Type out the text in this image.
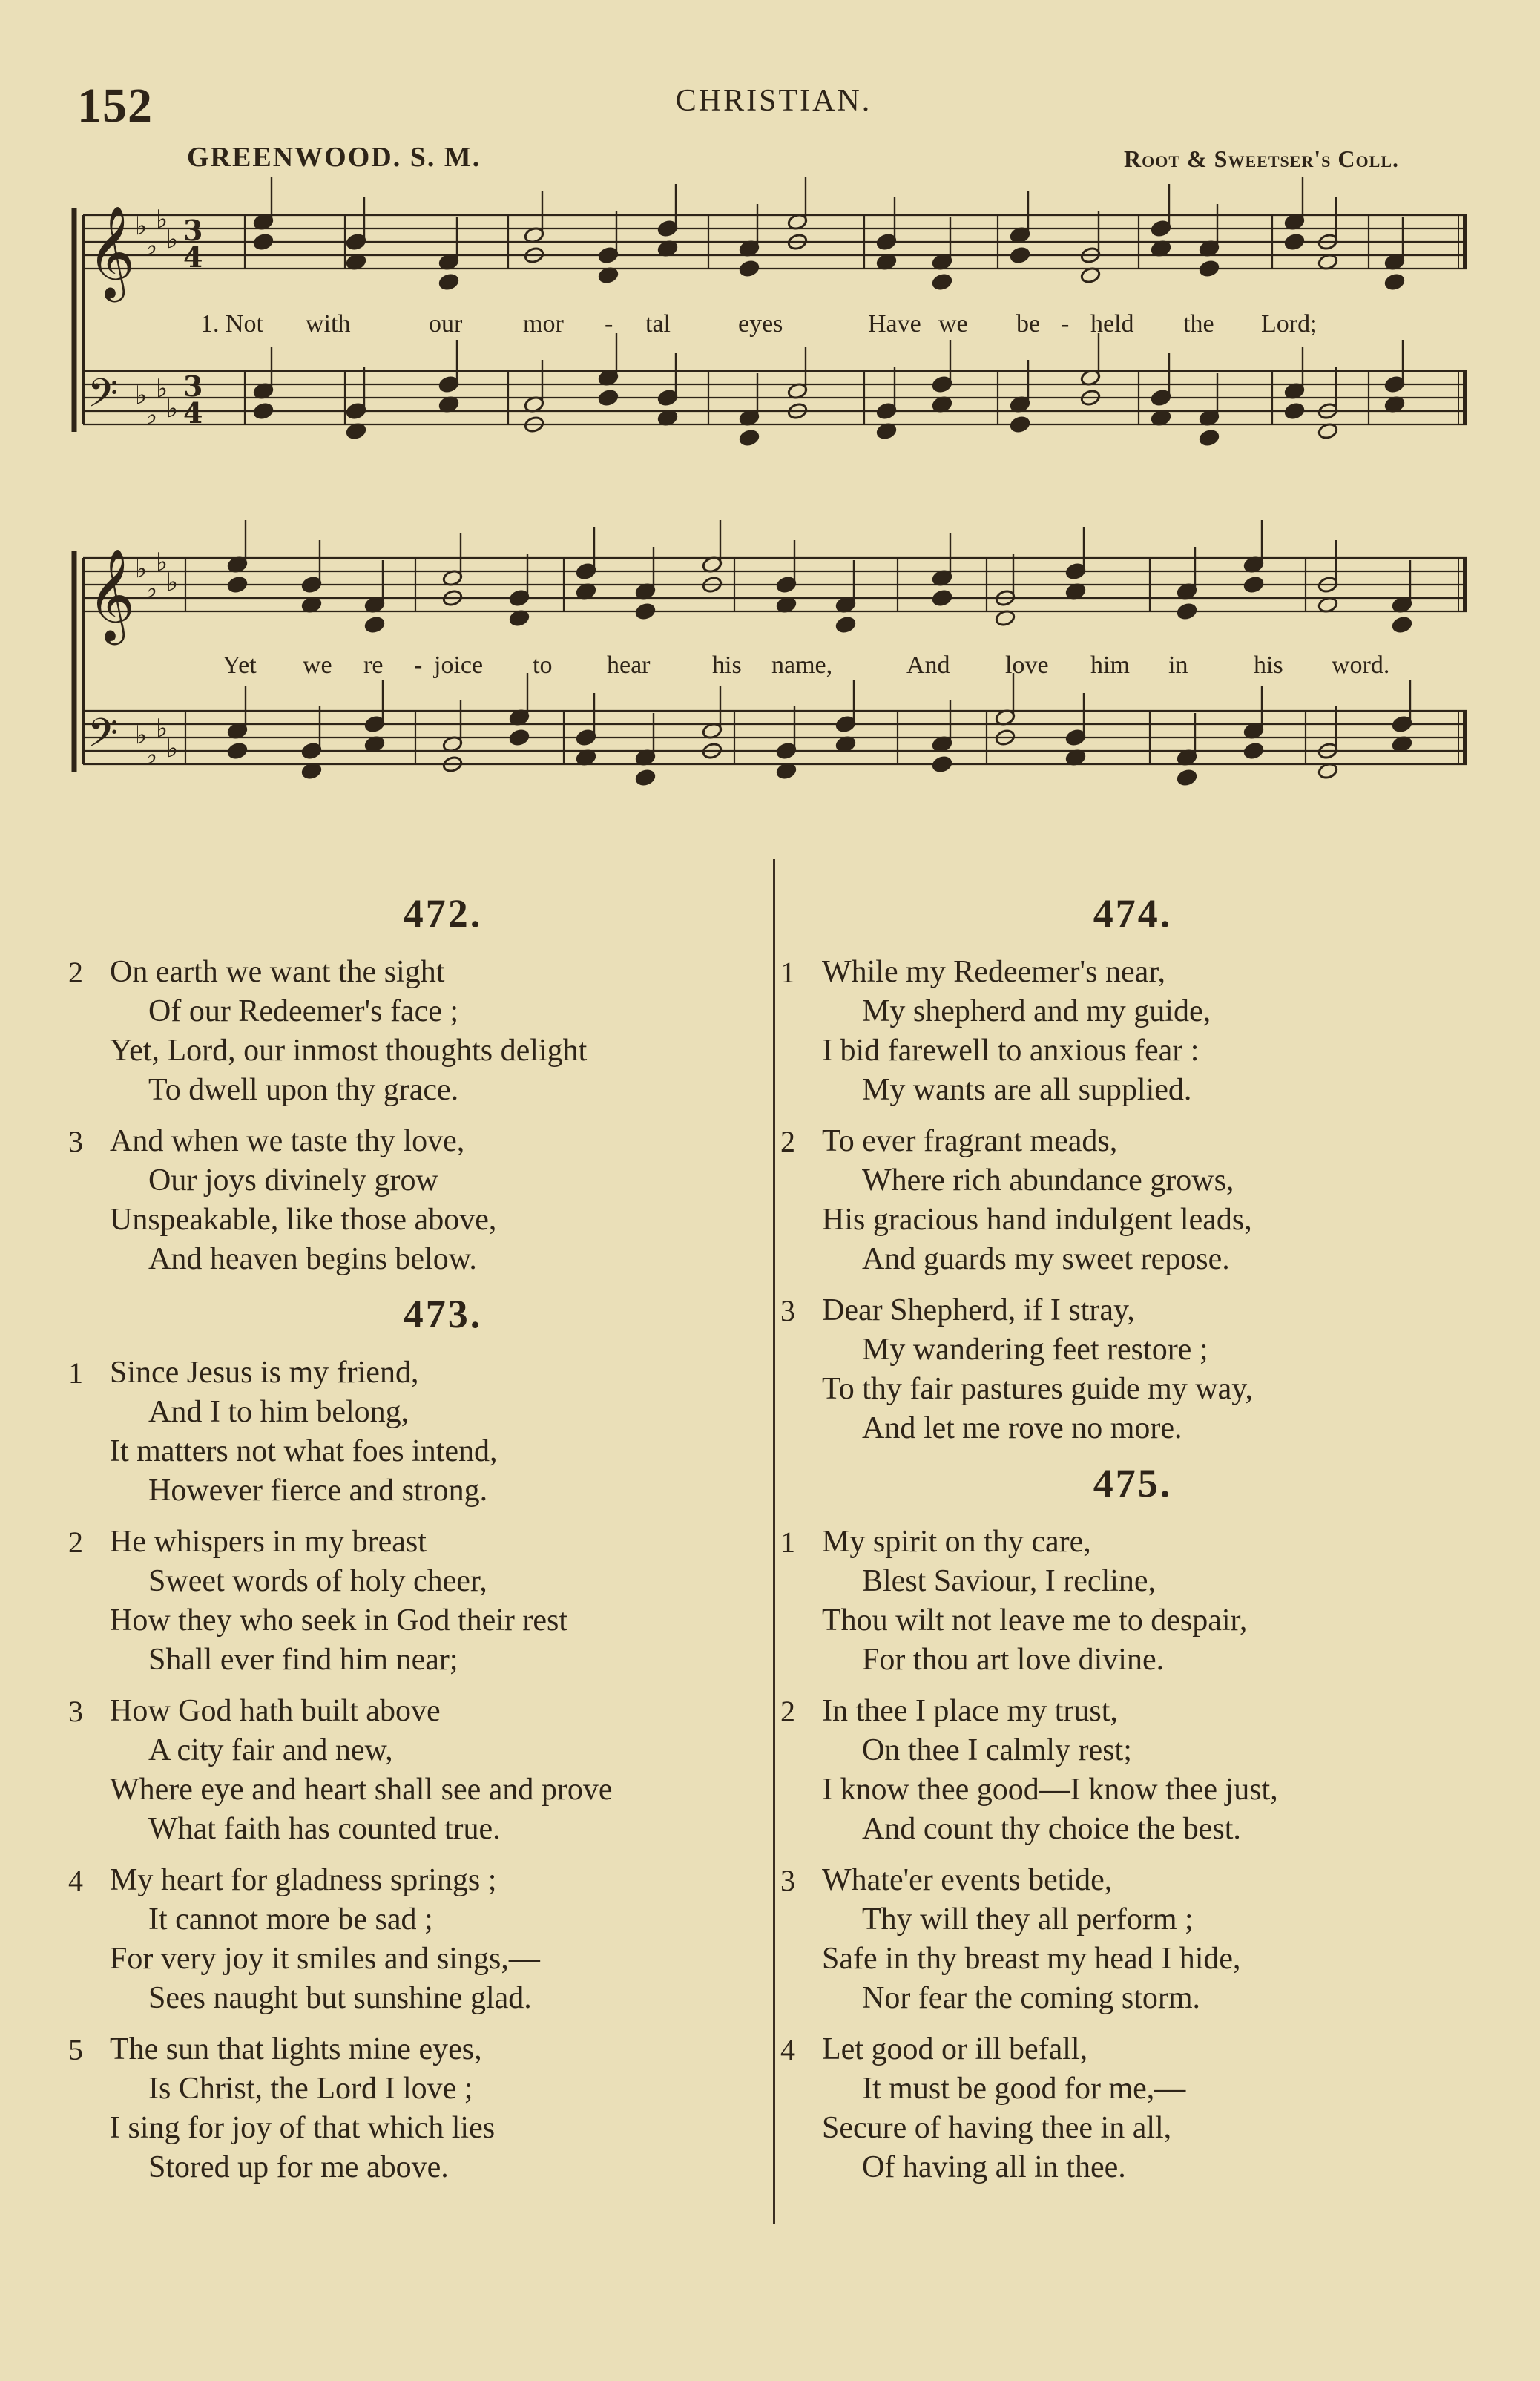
152	CHRISTIAN.
GREENWOOD. S. M.	Root & Sweetser's Coll.
𝄞 ♭
♭
♭
♭ 3
4
𝄢 ♭
♭
♭
♭
3
4
𝄞 ♭
♭
♭
♭
𝄢 ♭
♭
♭
♭
1. Not with	our mor - tal	eyes	Have we be - held the Lord;
Yet we re - joice to hear his name,	And love him in	his word.
472.
2 On earth we want the sight
Of our Redeemer's face ;
Yet, Lord, our inmost thoughts delight
To dwell upon thy grace.
3 And when we taste thy love,
Our joys divinely grow
Unspeakable, like those above,
And heaven begins below.
473.
1 Since Jesus is my friend,
And I to him belong,
It matters not what foes intend,
However fierce and strong.
2 He whispers in my breast
Sweet words of holy cheer,
How they who seek in God their rest
Shall ever find him near;
3 How God hath built above
A city fair and new,
Where eye and heart shall see and prove
What faith has counted true.
4 My heart for gladness springs ;
It cannot more be sad ;
For very joy it smiles and sings,—
Sees naught but sunshine glad.
5 The sun that lights mine eyes,
Is Christ, the Lord I love ;
I sing for joy of that which lies
Stored up for me above.
474.
1 While my Redeemer's near,
My shepherd and my guide,
I bid farewell to anxious fear :
My wants are all supplied.
2 To ever fragrant meads,
Where rich abundance grows,
His gracious hand indulgent leads,
And guards my sweet repose.
3 Dear Shepherd, if I stray,
My wandering feet restore ;
To thy fair pastures guide my way,
And let me rove no more.
475.
1 My spirit on thy care,
Blest Saviour, I recline,
Thou wilt not leave me to despair,
For thou art love divine.
2 In thee I place my trust,
On thee I calmly rest;
I know thee good—I know thee just,
And count thy choice the best.
3 Whate'er events betide,
Thy will they all perform ;
Safe in thy breast my head I hide,
Nor fear the coming storm.
4 Let good or ill befall,
It must be good for me,—
Secure of having thee in all,
Of having all in thee.
